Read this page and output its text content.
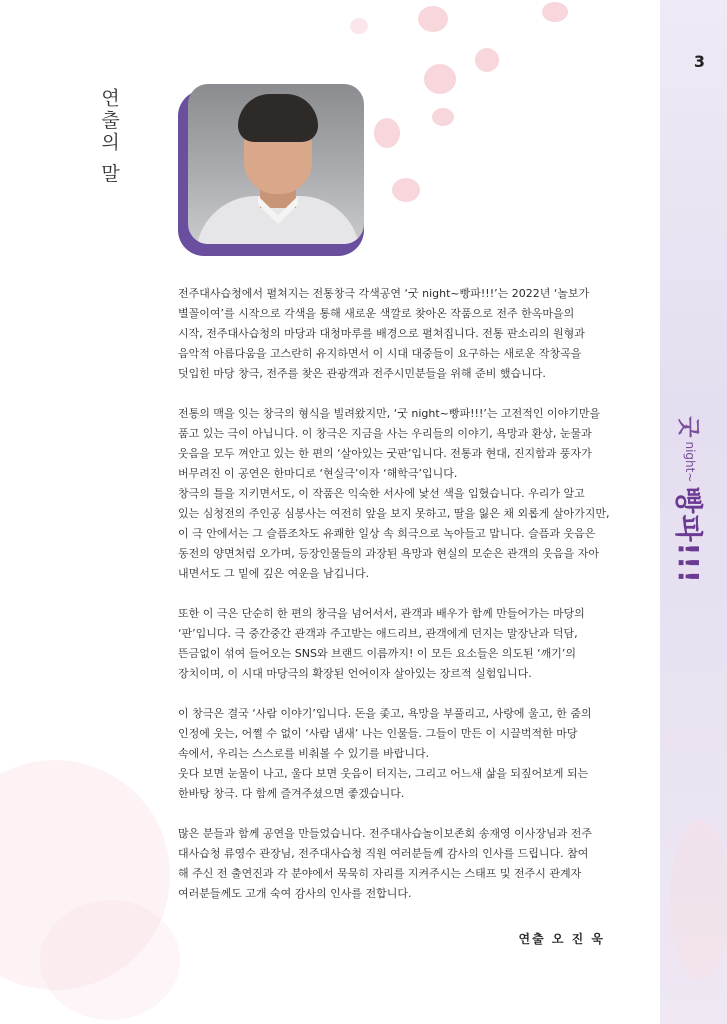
3
굿
night~
빵파!!!
연출의 말

전주대사습청에서 펼쳐지는 전통창극 각색공연 ‘굿 night~빵파!!!’는 2022년 ‘놀보가

별꼴이여’를 시작으로 각색을 통해 새로운 색깔로 찾아온 작품으로 전주 한옥마을의

시작, 전주대사습청의 마당과 대청마루를 배경으로 펼쳐집니다. 전통 판소리의 원형과

음악적 아름다움을 고스란히 유지하면서 이 시대 대중들이 요구하는 새로운 작창곡을

덧입힌 마당 창극, 전주를 찾은 관광객과 전주시민분들을 위해 준비 했습니다.

전통의 맥을 잇는 창극의 형식을 빌려왔지만, ‘굿 night~빵파!!!’는 고전적인 이야기만을

품고 있는 극이 아닙니다. 이 창극은 지금을 사는 우리들의 이야기, 욕망과 환상, 눈물과

웃음을 모두 껴안고 있는 한 편의 ‘살아있는 굿판’입니다. 전통과 현대, 진지함과 풍자가

버무려진 이 공연은 한마디로 ‘현실극’이자 ‘해학극’입니다.

창극의 틀을 지키면서도, 이 작품은 익숙한 서사에 낯선 색을 입혔습니다. 우리가 알고

있는 심청전의 주인공 심봉사는 여전히 앞을 보지 못하고, 딸을 잃은 채 외롭게 살아가지만,

이 극 안에서는 그 슬픔조차도 유쾌한 일상 속 희극으로 녹아들고 맙니다. 슬픔과 웃음은

동전의 양면처럼 오가며, 등장인물들의 과장된 욕망과 현실의 모순은 관객의 웃음을 자아

내면서도 그 밑에 깊은 여운을 남깁니다.

또한 이 극은 단순히 한 편의 창극을 넘어서서, 관객과 배우가 함께 만들어가는 마당의

‘판’입니다. 극 중간중간 관객과 주고받는 애드리브, 관객에게 던지는 말장난과 덕담,

뜬금없이 섞여 들어오는 SNS와 브랜드 이름까지! 이 모든 요소들은 의도된 ‘깨기’의

장치이며, 이 시대 마당극의 확장된 언어이자 살아있는 장르적 실험입니다.

이 창극은 결국 ‘사람 이야기’입니다. 돈을 좇고, 욕망을 부풀리고, 사랑에 울고, 한 줌의

인정에 웃는, 어쩔 수 없이 ‘사람 냄새’ 나는 인물들. 그들이 만든 이 시끌벅적한 마당

속에서, 우리는 스스로를 비춰볼 수 있기를 바랍니다.

웃다 보면 눈물이 나고, 울다 보면 웃음이 터지는, 그리고 어느새 삶을 되짚어보게 되는

한바탕 창극. 다 함께 즐겨주셨으면 좋겠습니다.

많은 분들과 함께 공연을 만들었습니다. 전주대사습놀이보존회 송재영 이사장님과 전주

대사습청 류영수 관장님, 전주대사습청 직원 여러분들께 감사의 인사를 드립니다. 참여

해 주신 전 출연진과 각 분야에서 묵묵히 자리를 지켜주시는 스태프 및 전주시 관계자

여러분들께도 고개 숙여 감사의 인사를 전합니다.

연출 오 진 욱
